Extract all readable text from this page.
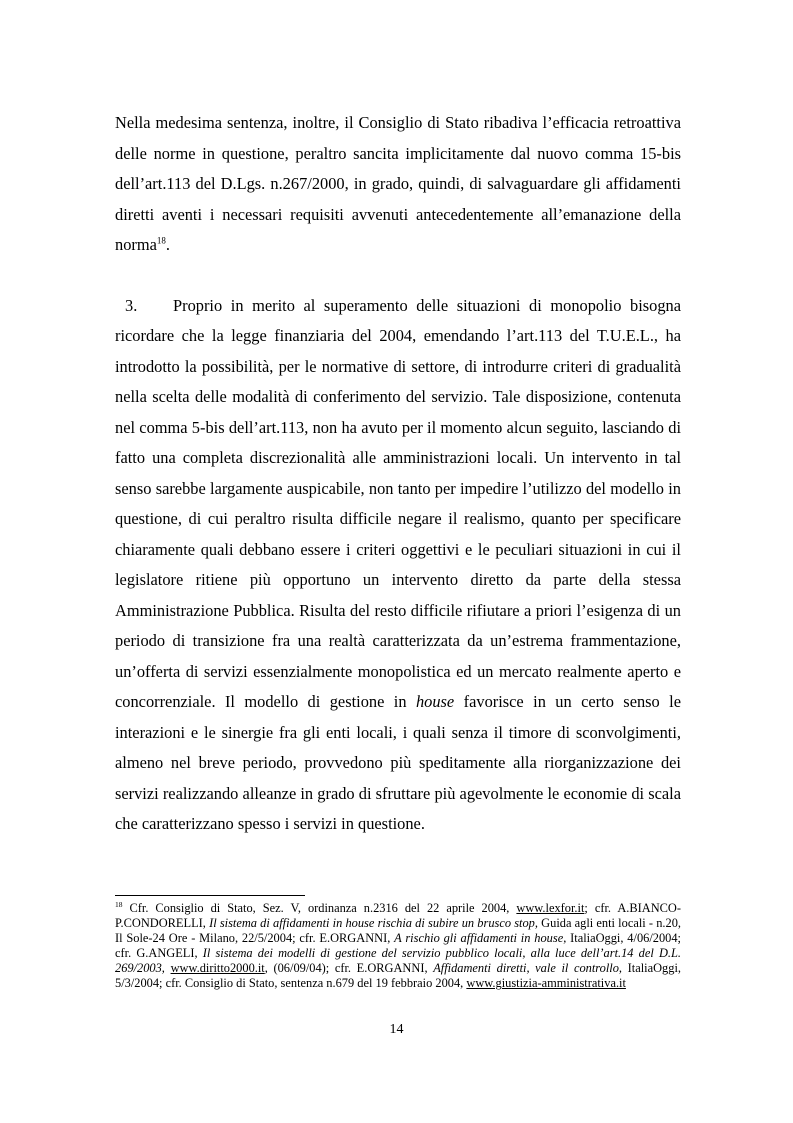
Nella medesima sentenza, inoltre, il Consiglio di Stato ribadiva l’efficacia retroattiva delle norme in questione, peraltro sancita implicitamente dal nuovo comma 15-bis dell’art.113 del D.Lgs. n.267/2000, in grado, quindi, di salvaguardare gli affidamenti diretti aventi i necessari requisiti avvenuti antecedentemente all’emanazione della norma$^{18}$.

3. Proprio in merito al superamento delle situazioni di monopolio bisogna ricordare che la legge finanziaria del 2004, emendando l’art.113 del T.U.E.L., ha introdotto la possibilità, per le normative di settore, di introdurre criteri di gradualità nella scelta delle modalità di conferimento del servizio. Tale disposizione, contenuta nel comma 5-bis dell’art.113, non ha avuto per il momento alcun seguito, lasciando di fatto una completa discrezionalità alle amministrazioni locali. Un intervento in tal senso sarebbe largamente auspicabile, non tanto per impedire l’utilizzo del modello in questione, di cui peraltro risulta difficile negare il realismo, quanto per specificare chiaramente quali debbano essere i criteri oggettivi e le peculiari situazioni in cui il legislatore ritiene più opportuno un intervento diretto da parte della stessa Amministrazione Pubblica. Risulta del resto difficile rifiutare a priori l’esigenza di un periodo di transizione fra una realtà caratterizzata da un’estrema frammentazione, un’offerta di servizi essenzialmente monopolistica ed un mercato realmente aperto e concorrenziale. Il modello di gestione in house favorisce in un certo senso le interazioni e le sinergie fra gli enti locali, i quali senza il timore di sconvolgimenti, almeno nel breve periodo, provvedono più speditamente alla riorganizzazione dei servizi realizzando alleanze in grado di sfruttare più agevolmente le economie di scala che caratterizzano spesso i servizi in questione.

$^{18}$ Cfr. Consiglio di Stato, Sez. V, ordinanza n.2316 del 22 aprile 2004, www.lexfor.it; cfr. A.BIANCO-P.CONDORELLI, Il sistema di affidamenti in house rischia di subire un brusco stop, Guida agli enti locali - n.20, Il Sole-24 Ore - Milano, 22/5/2004; cfr. E.ORGANNI, A rischio gli affidamenti in house, ItaliaOggi, 4/06/2004; cfr. G.ANGELI, Il sistema dei modelli di gestione del servizio pubblico locali, alla luce dell’art.14 del D.L. 269/2003, www.diritto2000.it, (06/09/04); cfr. E.ORGANNI, Affidamenti diretti, vale il controllo, ItaliaOggi, 5/3/2004; cfr. Consiglio di Stato, sentenza n.679 del 19 febbraio 2004, www.giustizia-amministrativa.it
14
